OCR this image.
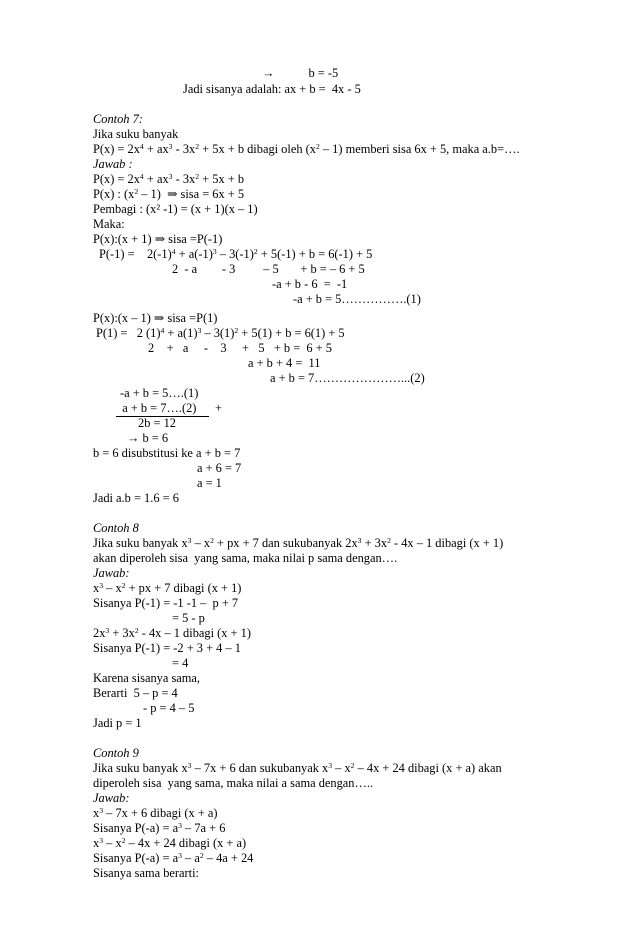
→           b = -5
Jadi sisanya adalah: ax + b =  4x - 5
Contoh 7:
Jika suku banyak
$P(x) = 2x^4 + ax^3 - 3x^2 + 5x + b$ dibagi oleh $(x^2 - 1)$ memberi sisa 6x + 5, maka a.b=….
Jawab :
$P(x) = 2x^4 + ax^3 - 3x^2 + 5x + b$
P(x) : $(x^2 - 1)$  ⇒ sisa = 6x + 5
Pembagi : (x² -1) = (x + 1)(x – 1)
Maka:
P(x):(x + 1) ⇒ sisa =P(-1)
P(-1) =    $2(-1)^4 + a(-1)^3 - 3(-1)^2 + 5(-1) + b = 6(-1) + 5$
2  - a        - 3         – 5       + b = – 6 + 5
-a + b - 6  =  -1
-a + b = 5…………….(1)
P(x):(x – 1) ⇒ sisa =P(1)
P(1) =   2 $(1)^4 + a(1)^3 - 3(1)^2 + 5(1) + b = 6(1) + 5$
2    +   a     -    3     +   5   + b =  6 + 5
a + b + 4 =  11
a + b = 7…………………...(2)
-a + b = 5….(1)
a + b = 7….(2)      +
2b = 12
→ b = 6
b = 6 disubstitusi ke a + b = 7
a + 6 = 7
a = 1
Jadi a.b = 1.6 = 6
Contoh 8
Jika suku banyak $x^3 - x^2$ + px + 7 dan sukubanyak $2x^3 + 3x^2 - 4x - 1$ dibagi (x + 1)
akan diperoleh sisa  yang sama, maka nilai p sama dengan….
Jawab:
$x^3 - x^2$ + px + 7 dibagi (x + 1)
Sisanya P(-1) = -1 -1 –  p + 7
= 5 - p
$2x^3 + 3x^2 - 4x - 1$ dibagi (x + 1)
Sisanya P(-1) = -2 + 3 + 4 – 1
= 4
Karena sisanya sama,
Berarti  5 – p = 4
- p = 4 – 5
Jadi p = 1
Contoh 9
Jika suku banyak $x^3 - 7x + 6$ dan sukubanyak $x^3 - x^2 - 4x + 24$ dibagi (x + a) akan
diperoleh sisa  yang sama, maka nilai a sama dengan…..
Jawab:
$x^3 - 7x + 6$ dibagi (x + a)
Sisanya $P(-a) = a^3 - 7a + 6$
$x^3 - x^2 - 4x + 24$ dibagi (x + a)
Sisanya $P(-a) = a^3 - a^2 - 4a + 24$
Sisanya sama berarti:
